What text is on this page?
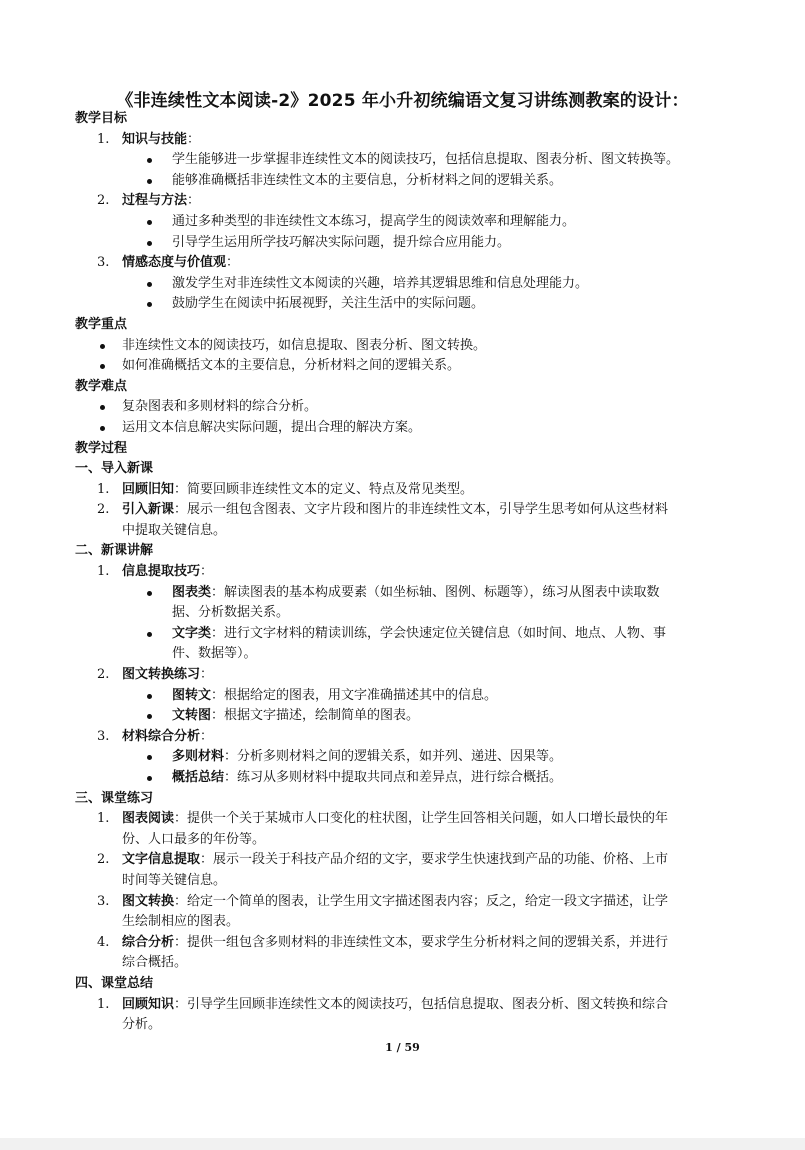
《非连续性文本阅读-2》2025 年小升初统编语文复习讲练测教案的设计：
教学目标
1. 知识与技能：
学生能够进一步掌握非连续性文本的阅读技巧，包括信息提取、图表分析、图文转换等。
能够准确概括非连续性文本的主要信息，分析材料之间的逻辑关系。
2. 过程与方法：
通过多种类型的非连续性文本练习，提高学生的阅读效率和理解能力。
引导学生运用所学技巧解决实际问题，提升综合应用能力。
3. 情感态度与价值观：
激发学生对非连续性文本阅读的兴趣，培养其逻辑思维和信息处理能力。
鼓励学生在阅读中拓展视野，关注生活中的实际问题。
教学重点
非连续性文本的阅读技巧，如信息提取、图表分析、图文转换。
如何准确概括文本的主要信息，分析材料之间的逻辑关系。
教学难点
复杂图表和多则材料的综合分析。
运用文本信息解决实际问题，提出合理的解决方案。
教学过程
一、导入新课
1. 回顾旧知：简要回顾非连续性文本的定义、特点及常见类型。
2. 引入新课：展示一组包含图表、文字片段和图片的非连续性文本，引导学生思考如何从这些材料
中提取关键信息。
二、新课讲解
1. 信息提取技巧：
图表类：解读图表的基本构成要素（如坐标轴、图例、标题等），练习从图表中读取数
据、分析数据关系。
文字类：进行文字材料的精读训练，学会快速定位关键信息（如时间、地点、人物、事
件、数据等）。
2. 图文转换练习：
图转文：根据给定的图表，用文字准确描述其中的信息。
文转图：根据文字描述，绘制简单的图表。
3. 材料综合分析：
多则材料：分析多则材料之间的逻辑关系，如并列、递进、因果等。
概括总结：练习从多则材料中提取共同点和差异点，进行综合概括。
三、课堂练习
1. 图表阅读：提供一个关于某城市人口变化的柱状图，让学生回答相关问题，如人口增长最快的年
份、人口最多的年份等。
2. 文字信息提取：展示一段关于科技产品介绍的文字，要求学生快速找到产品的功能、价格、上市
时间等关键信息。
3. 图文转换：给定一个简单的图表，让学生用文字描述图表内容；反之，给定一段文字描述，让学
生绘制相应的图表。
4. 综合分析：提供一组包含多则材料的非连续性文本，要求学生分析材料之间的逻辑关系，并进行
综合概括。
四、课堂总结
1. 回顾知识：引导学生回顾非连续性文本的阅读技巧，包括信息提取、图表分析、图文转换和综合
分析。
1 / 59
